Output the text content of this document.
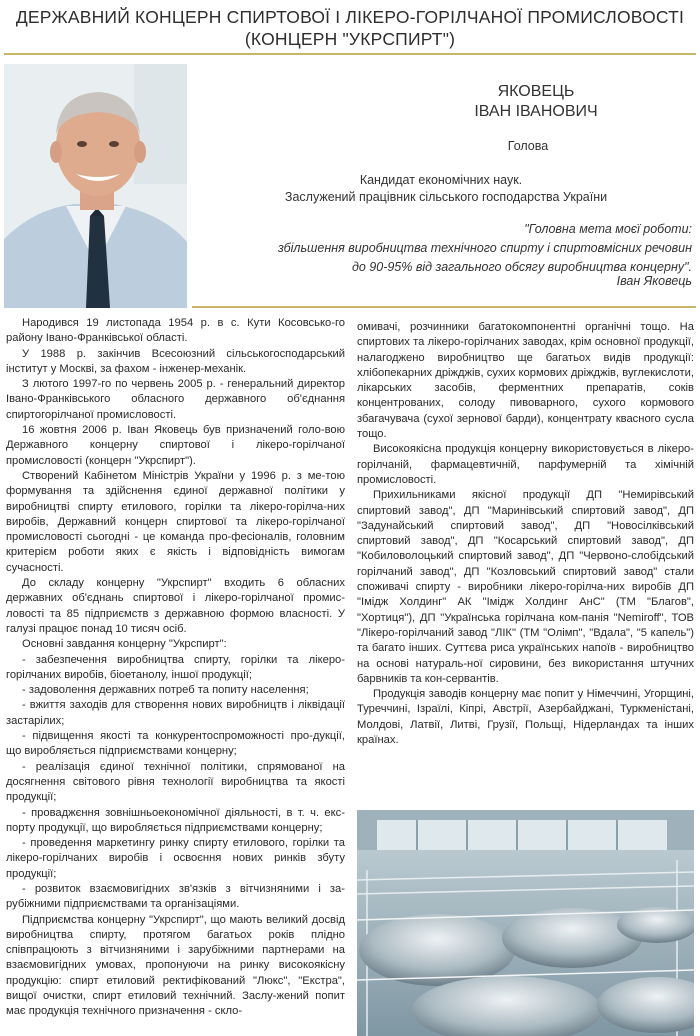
ДЕРЖАВНИЙ КОНЦЕРН СПИРТОВОЇ І ЛІКЕРО-ГОРІЛЧАНОЇ ПРОМИСЛОВОСТІ
(КОНЦЕРН "УКРСПИРТ")
ЯКОВЕЦЬ
ІВАН ІВАНОВИЧ
Голова
Кандидат економічних наук.
Заслужений працівник сільського господарства України
"Головна мета моєї роботи:
збільшення виробництва технічного спирту і спиртовмісних речовин
до 90-95% від загального обсягу виробництва концерну".
Іван Яковець

Народився 19 листопада 1954 р. в с. Кути Косовсько-го району Івано-Франківської області.

У 1988 р. закінчив Всесоюзний сільськогосподарський інститут у Москві, за фахом - інженер-механік.

З лютого 1997-го по червень 2005 р. - генеральний директор Івано-Франківського обласного державного об'єднання спиртогорілчаної промисловості.

16 жовтня 2006 р. Іван Яковець був призначений голо-вою Державного концерну спиртової і лікеро-горілчаної промисловості (концерн "Укрспирт").

Створений Кабінетом Міністрів України у 1996 р. з ме-тою формування та здійснення єдиної державної політики у виробництві спирту етилового, горілки та лікеро-горілча-них виробів, Державний концерн спиртової та лікеро-горілчаної промисловості сьогодні - це команда про-фесіоналів, головним критерієм роботи яких є якість і відповідність вимогам сучасності.

До складу концерну "Укрспирт" входить 6 обласних державних об'єднань спиртової і лікеро-горілчаної промис-ловості та 85 підприємств з державною формою власності. У галузі працює понад 10 тисяч осіб.

Основні завдання концерну "Укрспирт":

- забезпечення виробництва спирту, горілки та лікеро-горілчаних виробів, біоетанолу, іншої продукції;

- задоволення державних потреб та попиту населення;

- вжиття заходів для створення нових виробництв і ліквідації застарілих;

- підвищення якості та конкурентоспроможності про-дукції, що виробляється підприємствами концерну;

- реалізація єдиної технічної політики, спрямованої на досягнення світового рівня технології виробництва та якості продукції;

- проваджєння зовнішньоекономічної діяльності, в т. ч. екс-порту продукції, що виробляється підприємствами концерну;

- проведення маркетингу ринку спирту етилового, горілки та лікеро-горілчаних виробів і освоєння нових ринків збуту продукції;

- розвиток взаємовигідних зв'язків з вітчизняними і за-рубіжними підприємствами та організаціями.

Підприємства концерну "Укрспирт", що мають великий досвід виробництва спирту, протягом багатьох років плідно співпрацюють з вітчизняними і зарубіжними партнерами на взаємовигідних умовах, пропонуючи на ринку високоякісну продукцію: спирт етиловий ректифікований "Люкс", "Екстра", вищої очистки, спирт етиловий технічний. Заслу-жений попит має продукція технічного призначення - скло-

омивачі, розчинники багатокомпонентні органічні тощо. На спиртових та лікеро-горілчаних заводах, крім основної продукції, налагоджено виробництво ще багатьох видів продукції: хлібопекарних дріжджів, сухих кормових дріжджів, вуглекислоти, лікарських засобів, ферментних препаратів, соків концентрованих, солоду пивоварного, сухого кормового збагачувача (сухої зернової барди), концентрату квасного сусла тощо.

Високоякісна продукція концерну використовується в лікеро-горілчаній, фармацевтичній, парфумерній та хімічній промисловості.

Прихильниками якісної продукції ДП "Немирівський спиртовий завод", ДП "Маринівський спиртовий завод", ДП "Задунайський спиртовий завод", ДП "Новосілківський спиртовий завод", ДП "Косарський спиртовий завод", ДП "Кобиловолоцький спиртовий завод", ДП "Червоно-слобідський горілчаний завод", ДП "Козловський спиртовий завод" стали споживачі спирту - виробники лікеро-горілча-них виробів ДП "Імідж Холдинг" АК "Імідж Холдинг АнС" (ТМ "Благов", "Хортиця"), ДП "Українська горілчана ком-панія "Nemiroff", ТОВ "Лікеро-горілчаний завод "ЛІК" (ТМ "Олімп", "Вдала", "5 капель") та багато інших. Суттєва риса українських напоїв - виробництво на основі натураль-ної сировини, без використання штучних барвників та кон-сервантів.

Продукція заводів концерну має попит у Німеччині, Угорщині, Туреччині, Ізраїлі, Кіпрі, Австрії, Азербайджані, Туркменістані, Молдові, Латвії, Литві, Грузії, Польщі, Нідерландах та інших країнах.
